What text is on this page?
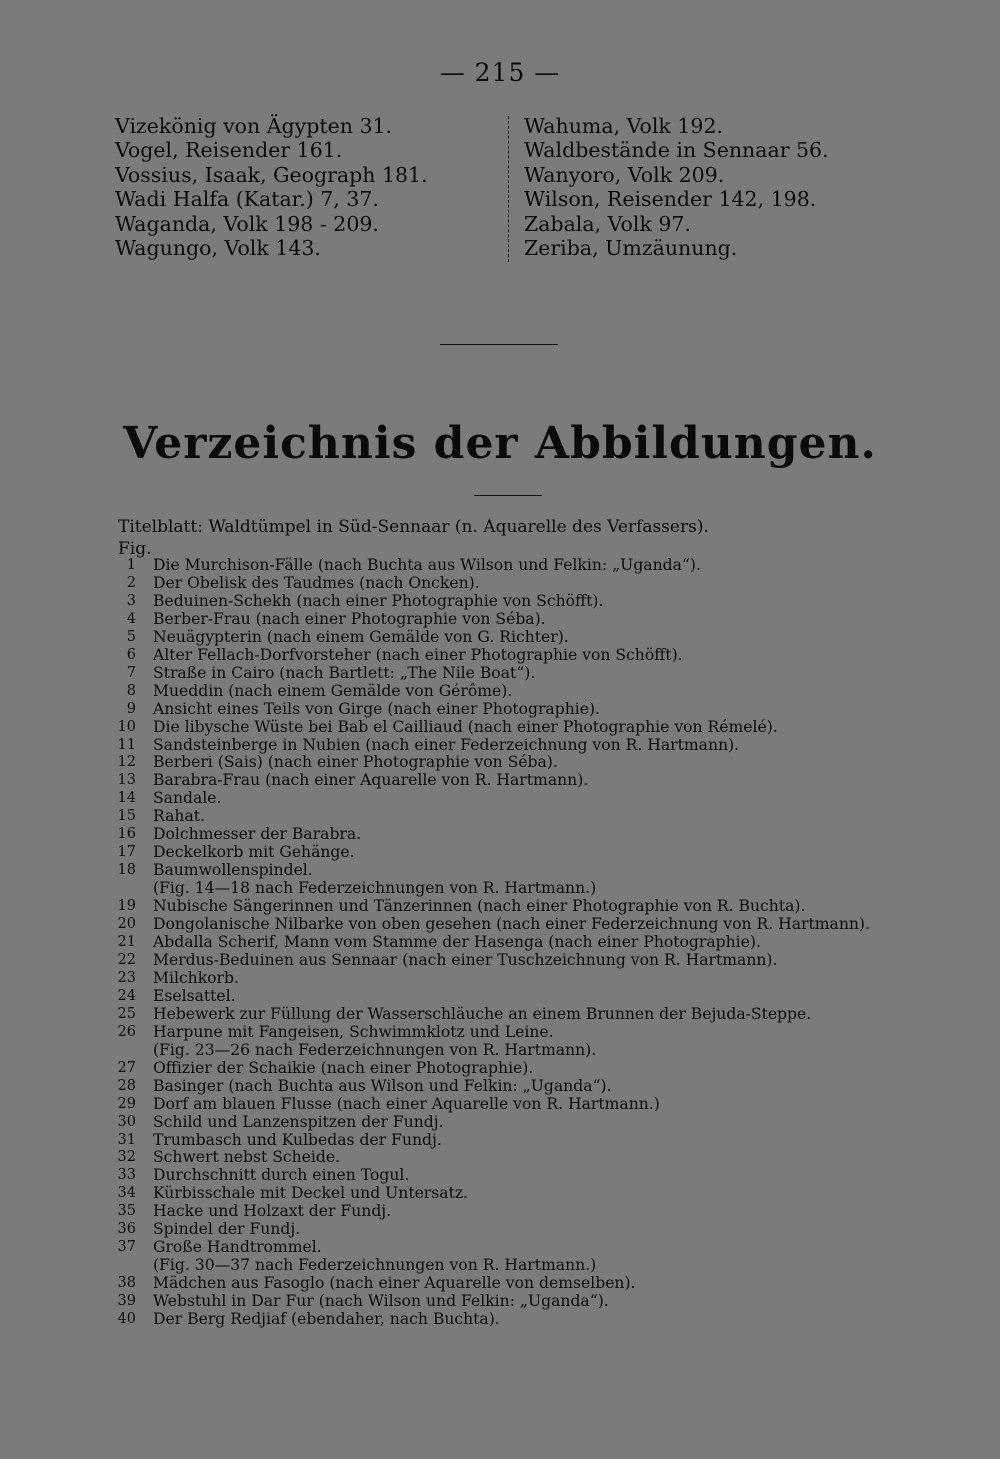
— 215 —
Vizekönig von Ägypten 31.
Vogel, Reisender 161.
Vossius, Isaak, Geograph 181.
Wadi Halfa (Katar.) 7, 37.
Waganda, Volk 198 - 209.
Wagungo, Volk 143.
Wahuma, Volk 192.
Waldbestände in Sennaar 56.
Wanyoro, Volk 209.
Wilson, Reisender 142, 198.
Zabala, Volk 97.
Zeriba, Umzäunung.
Verzeichnis der Abbildungen.
Titelblatt: Waldtümpel in Süd-Sennaar (n. Aquarelle des Verfassers).
Fig.
1 Die Murchison-Fälle (nach Buchta aus Wilson und Felkin: „Uganda“).
2 Der Obelisk des Taudmes (nach Oncken).
3 Beduinen-Schekh (nach einer Photographie von Schöfft).
4 Berber-Frau (nach einer Photographie von Séba).
5 Neuägypterin (nach einem Gemälde von G. Richter).
6 Alter Fellach-Dorfvorsteher (nach einer Photographie von Schöfft).
7 Straße in Cairo (nach Bartlett: „The Nile Boat“).
8 Mueddin (nach einem Gemälde von Gérôme).
9 Ansicht eines Teils von Girge (nach einer Photographie).
10 Die libysche Wüste bei Bab el Cailliaud (nach einer Photographie von Rémelé).
11 Sandsteinberge in Nubien (nach einer Federzeichnung von R. Hartmann).
12 Berberi (Sais) (nach einer Photographie von Séba).
13 Barabra-Frau (nach einer Aquarelle von R. Hartmann).
14 Sandale.
15 Rahat.
16 Dolchmesser der Barabra.
17 Deckelkorb mit Gehänge.
18 Baumwollenspindel.
(Fig. 14—18 nach Federzeichnungen von R. Hartmann.)
19 Nubische Sängerinnen und Tänzerinnen (nach einer Photographie von R. Buchta).
20 Dongolanische Nilbarke von oben gesehen (nach einer Federzeichnung von R. Hartmann).
21 Abdalla Scherif, Mann vom Stamme der Hasenga (nach einer Photographie).
22 Merdus-Beduinen aus Sennaar (nach einer Tuschzeichnung von R. Hartmann).
23 Milchkorb.
24 Eselsattel.
25 Hebewerk zur Füllung der Wasserschläuche an einem Brunnen der Bejuda-Steppe.
26 Harpune mit Fangeisen, Schwimmklotz und Leine.
(Fig. 23—26 nach Federzeichnungen von R. Hartmann).
27 Offizier der Schaikie (nach einer Photographie).
28 Basinger (nach Buchta aus Wilson und Felkin: „Uganda“).
29 Dorf am blauen Flusse (nach einer Aquarelle von R. Hartmann.)
30 Schild und Lanzenspitzen der Fundj.
31 Trumbasch und Kulbedas der Fundj.
32 Schwert nebst Scheide.
33 Durchschnitt durch einen Togul.
34 Kürbisschale mit Deckel und Untersatz.
35 Hacke und Holzaxt der Fundj.
36 Spindel der Fundj.
37 Große Handtrommel.
(Fig. 30—37 nach Federzeichnungen von R. Hartmann.)
38 Mädchen aus Fasoglo (nach einer Aquarelle von demselben).
39 Webstuhl in Dar Fur (nach Wilson und Felkin: „Uganda“).
40 Der Berg Redjiaf (ebendaher, nach Buchta).
